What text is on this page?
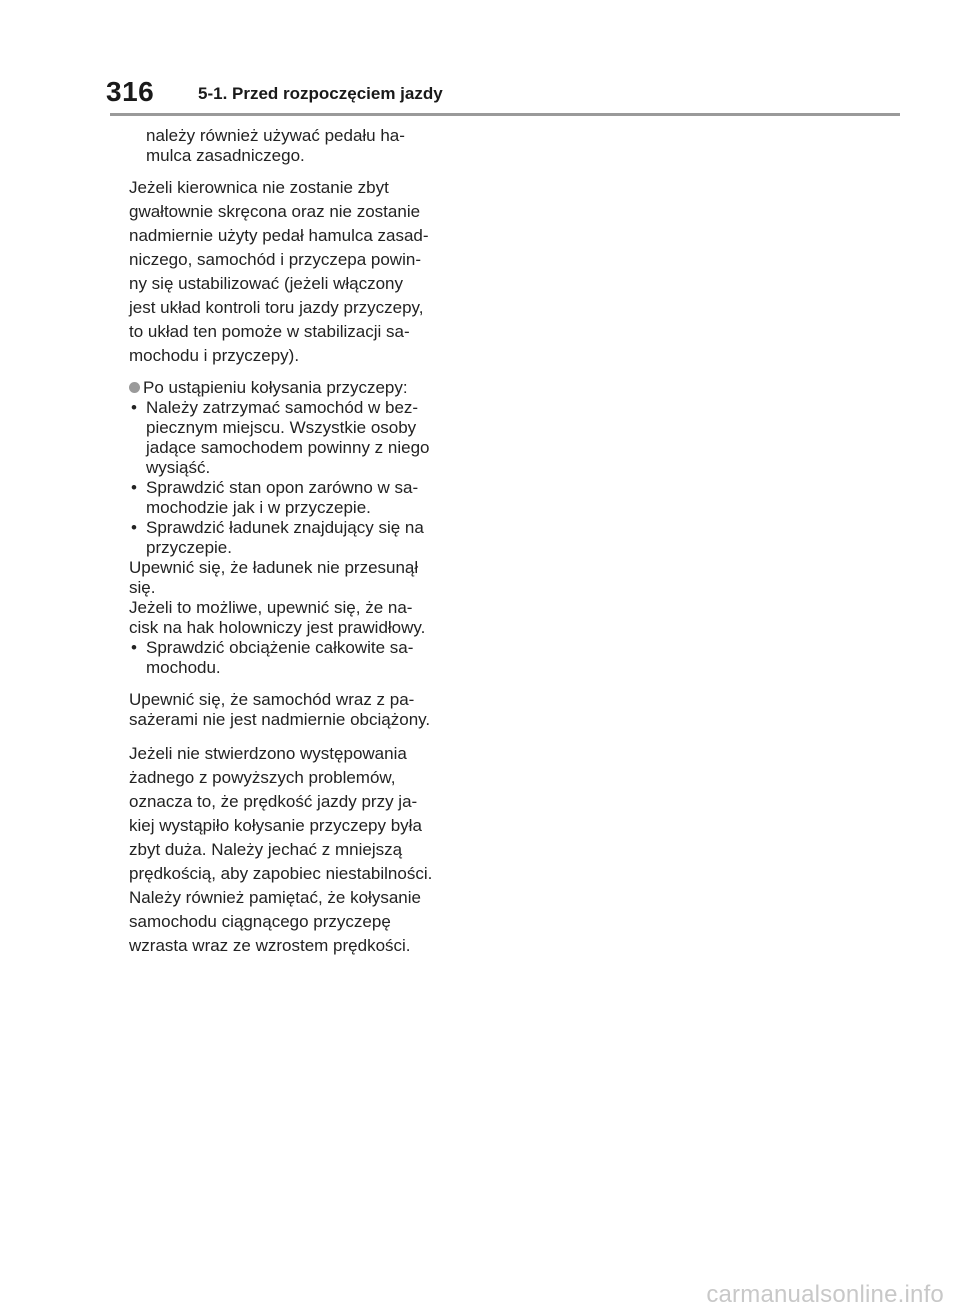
316	5-1. Przed rozpoczęciem jazdy
należy również używać pedału ha-
mulca zasadniczego.
Jeżeli kierownica nie zostanie zbyt
gwałtownie skręcona oraz nie zostanie
nadmiernie użyty pedał hamulca zasad-
niczego, samochód i przyczepa powin-
ny się ustabilizować (jeżeli włączony
jest układ kontroli toru jazdy przyczepy,
to układ ten pomoże w stabilizacji sa-
mochodu i przyczepy).
Po ustąpieniu kołysania przyczepy:
• Należy zatrzymać samochód w bez-
piecznym miejscu. Wszystkie osoby
jadące samochodem powinny z niego
wysiąść.
• Sprawdzić stan opon zarówno w sa-
mochodzie jak i w przyczepie.
• Sprawdzić ładunek znajdujący się na
przyczepie.
Upewnić się, że ładunek nie przesunął
się.
Jeżeli to możliwe, upewnić się, że na-
cisk na hak holowniczy jest prawidłowy.
• Sprawdzić obciążenie całkowite sa-
mochodu.
Upewnić się, że samochód wraz z pa-
sażerami nie jest nadmiernie obciążony.
Jeżeli nie stwierdzono występowania
żadnego z powyższych problemów,
oznacza to, że prędkość jazdy przy ja-
kiej wystąpiło kołysanie przyczepy była
zbyt duża. Należy jechać z mniejszą
prędkością, aby zapobiec niestabilności.
Należy również pamiętać, że kołysanie
samochodu ciągnącego przyczepę
wzrasta wraz ze wzrostem prędkości.
carmanualsonline.info
